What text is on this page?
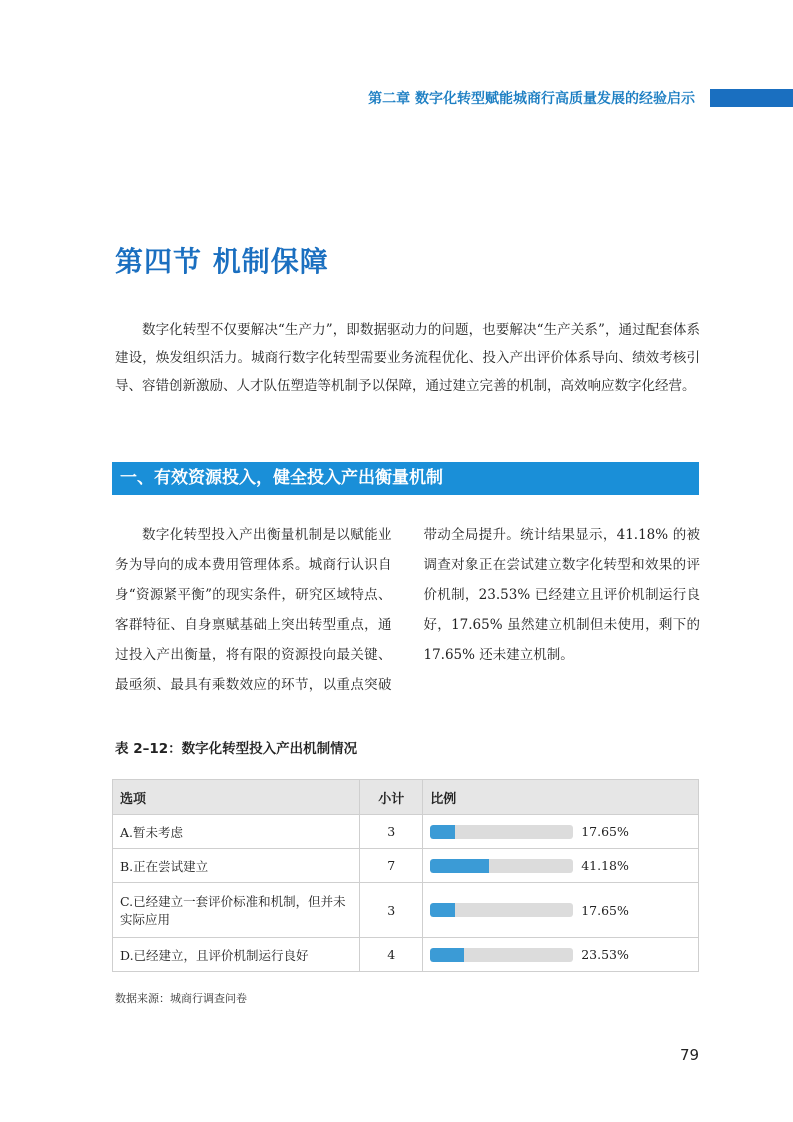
第二章 数字化转型赋能城商行高质量发展的经验启示
第四节 机制保障

数字化转型不仅要解决“生产力”，即数据驱动力的问题，也要解决“生产关系”，通过配套体系建设，焕发组织活力。城商行数字化转型需要业务流程优化、投入产出评价体系导向、绩效考核引导、容错创新激励、人才队伍塑造等机制予以保障，通过建立完善的机制，高效响应数字化经营。

一、有效资源投入，健全投入产出衡量机制

数字化转型投入产出衡量机制是以赋能业务为导向的成本费用管理体系。城商行认识自身“资源紧平衡”的现实条件，研究区域特点、客群特征、自身禀赋基础上突出转型重点，通过投入产出衡量，将有限的资源投向最关键、最亟须、最具有乘数效应的环节，以重点突破带动全局提升。统计结果显示，41.18% 的被调查对象正在尝试建立数字化转型和效果的评价机制，23.53% 已经建立且评价机制运行良好，17.65% 虽然建立机制但未使用，剩下的 17.65% 还未建立机制。

表 2–12：数字化转型投入产出机制情况
选项	小计	比例
A.暂未考虑	3	17.65%

B.正在尝试建立	7	41.18%

C.已经建立一套评价标准和机制，但并未实际应用	3	17.65%

D.已经建立，且评价机制运行良好	4	23.53%
数据来源：城商行调查问卷
79
